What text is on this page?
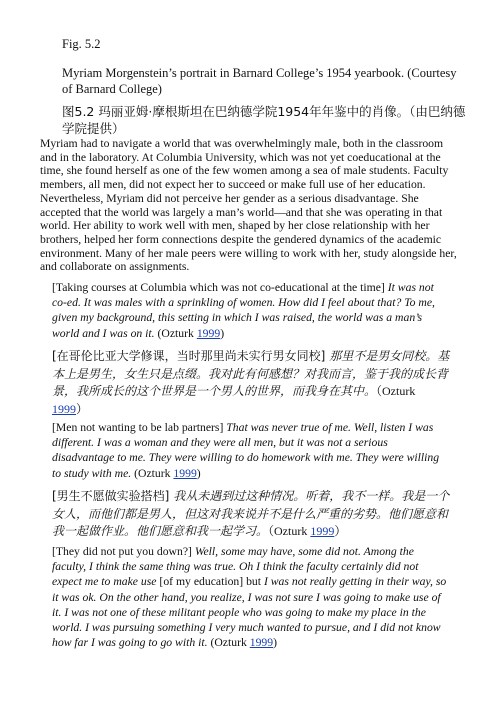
Fig. 5.2
Myriam Morgenstein’s portrait in Barnard College’s 1954 yearbook. (Courtesy of Barnard College)
图5.2 玛丽亚姆·摩根斯坦在巴纳德学院1954年年鉴中的肖像。（由巴纳德学院提供）
Myriam had to navigate a world that was overwhelmingly male, both in the classroom and in the laboratory. At Columbia University, which was not yet coeducational at the time, she found herself as one of the few women among a sea of male students. Faculty members, all men, did not expect her to succeed or make full use of her education. Nevertheless, Myriam did not perceive her gender as a serious disadvantage. She accepted that the world was largely a man’s world—and that she was operating in that world. Her ability to work well with men, shaped by her close relationship with her brothers, helped her form connections despite the gendered dynamics of the academic environment. Many of her male peers were willing to work with her, study alongside her, and collaborate on assignments.
[Taking courses at Columbia which was not co-educational at the time] It was not co-ed. It was males with a sprinkling of women. How did I feel about that? To me, given my background, this setting in which I was raised, the world was a man’s world and I was on it. (Ozturk 1999)
[在哥伦比亚大学修课，当时那里尚未实行男女同校] 那里不是男女同校。基本上是男生，女生只是点缀。我对此有何感想？对我而言，鉴于我的成长背景，我所成长的这个世界是一个男人的世界，而我身在其中。（Ozturk 1999）
[Men not wanting to be lab partners] That was never true of me. Well, listen I was different. I was a woman and they were all men, but it was not a serious disadvantage to me. They were willing to do homework with me. They were willing to study with me. (Ozturk 1999)
[男生不愿做实验搭档] 我从未遇到过这种情况。听着，我不一样。我是一个女人，而他们都是男人，但这对我来说并不是什么严重的劣势。他们愿意和我一起做作业。他们愿意和我一起学习。（Ozturk 1999）
[They did not put you down?] Well, some may have, some did not. Among the faculty, I think the same thing was true. Oh I think the faculty certainly did not expect me to make use [of my education] but I was not really getting in their way, so it was ok. On the other hand, you realize, I was not sure I was going to make use of it. I was not one of these militant people who was going to make my place in the world. I was pursuing something I very much wanted to pursue, and I did not know how far I was going to go with it. (Ozturk 1999)
